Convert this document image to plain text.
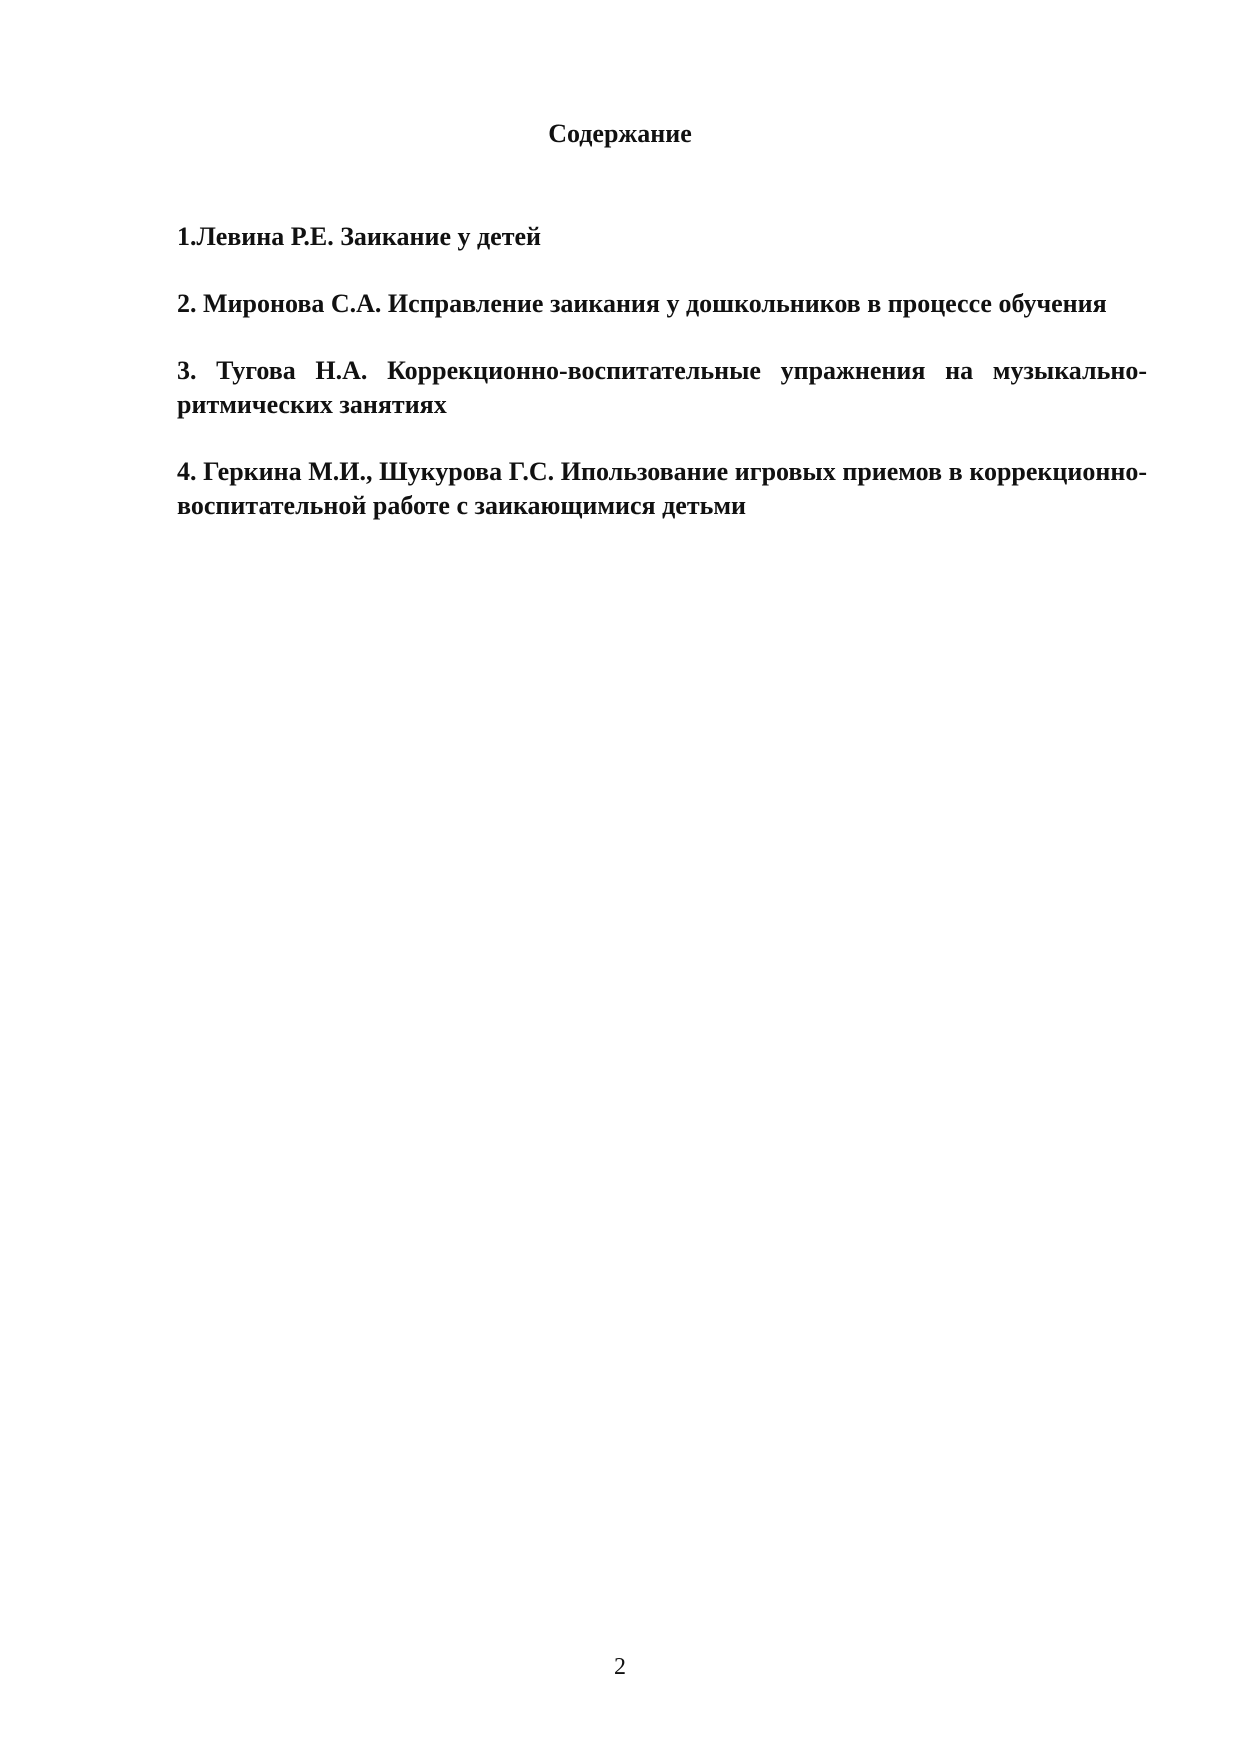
Содержание
1.Левина Р.Е. Заикание у детей
2. Миронова С.А. Исправление заикания у дошкольников в процессе обучения
3. Тугова Н.А. Коррекционно-воспитательные упражнения на музыкально-ритмических занятиях
4. Геркина М.И., Шукурова Г.С. Ипользование игровых приемов в коррекционно-воспитательной работе с заикающимися детьми
2
